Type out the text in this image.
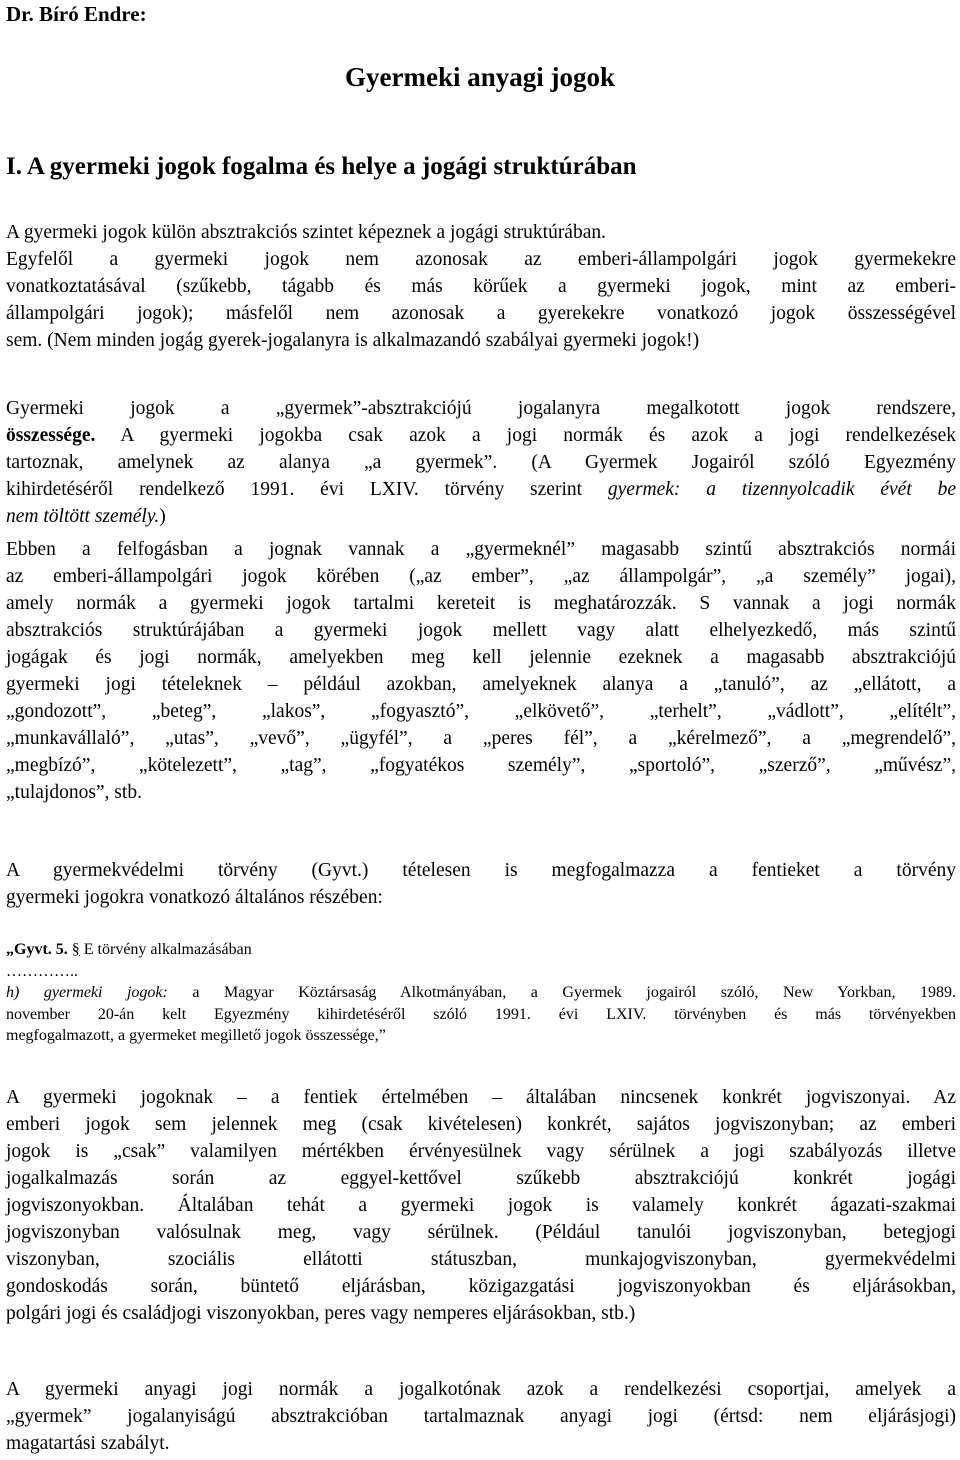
Dr. Bíró Endre:
Gyermeki anyagi jogok
I. A gyermeki jogok fogalma és helye a jogági struktúrában
A gyermeki jogok külön absztrakciós szintet képeznek a jogági struktúrában.
Egyfelől a gyermeki jogok nem azonosak az emberi-állampolgári jogok gyermekekre
vonatkoztatásával (szűkebb, tágabb és más körűek a gyermeki jogok, mint az emberi-
állampolgári jogok); másfelől nem azonosak a gyerekekre vonatkozó jogok összességével
sem. (Nem minden jogág gyerek-jogalanyra is alkalmazandó szabályai gyermeki jogok!)
Gyermeki jogok a „gyermek”-absztrakciójú jogalanyra megalkotott jogok rendszere,
összessége. A gyermeki jogokba csak azok a jogi normák és azok a jogi rendelkezések
tartoznak, amelynek az alanya „a gyermek”. (A Gyermek Jogairól szóló Egyezmény
kihirdetéséről rendelkező 1991. évi LXIV. törvény szerint gyermek: a tizennyolcadik évét be
nem töltött személy.)
Ebben a felfogásban a jognak vannak a „gyermeknél” magasabb szintű absztrakciós normái
az emberi-állampolgári jogok körében („az ember”, „az állampolgár”, „a személy” jogai),
amely normák a gyermeki jogok tartalmi kereteit is meghatározzák. S vannak a jogi normák
absztrakciós struktúrájában a gyermeki jogok mellett vagy alatt elhelyezkedő, más szintű
jogágak és jogi normák, amelyekben meg kell jelennie ezeknek a magasabb absztrakciójú
gyermeki jogi tételeknek – például azokban, amelyeknek alanya a „tanuló”, az „ellátott, a
„gondozott”, „beteg”, „lakos”, „fogyasztó”, „elkövető”, „terhelt”, „vádlott”, „elítélt”,
„munkavállaló”, „utas”, „vevő”, „ügyfél”, a „peres fél”, a „kérelmező”, a „megrendelő”,
„megbízó”, „kötelezett”, „tag”, „fogyatékos személy”, „sportoló”, „szerző”, „művész”,
„tulajdonos”, stb.
A gyermekvédelmi törvény (Gyvt.) tételesen is megfogalmazza a fentieket a törvény
gyermeki jogokra vonatkozó általános részében:
„Gyvt. 5. § E törvény alkalmazásában
…………..
h) gyermeki jogok: a Magyar Köztársaság Alkotmányában, a Gyermek jogairól szóló, New Yorkban, 1989.
november 20-án kelt Egyezmény kihirdetéséről szóló 1991. évi LXIV. törvényben és más törvényekben
megfogalmazott, a gyermeket megillető jogok összessége,”
A gyermeki jogoknak – a fentiek értelmében – általában nincsenek konkrét jogviszonyai. Az
emberi jogok sem jelennek meg (csak kivételesen) konkrét, sajátos jogviszonyban; az emberi
jogok is „csak” valamilyen mértékben érvényesülnek vagy sérülnek a jogi szabályozás illetve
jogalkalmazás során az eggyel-kettővel szűkebb absztrakciójú konkrét jogági
jogviszonyokban. Általában tehát a gyermeki jogok is valamely konkrét ágazati-szakmai
jogviszonyban valósulnak meg, vagy sérülnek. (Például tanulói jogviszonyban, betegjogi
viszonyban, szociális ellátotti státuszban, munkajogviszonyban, gyermekvédelmi
gondoskodás során, büntető eljárásban, közigazgatási jogviszonyokban és eljárásokban,
polgári jogi és családjogi viszonyokban, peres vagy nemperes eljárásokban, stb.)
A gyermeki anyagi jogi normák a jogalkotónak azok a rendelkezési csoportjai, amelyek a
„gyermek” jogalanyiságú absztrakcióban tartalmaznak anyagi jogi (értsd: nem eljárásjogi)
magatartási szabályt.
